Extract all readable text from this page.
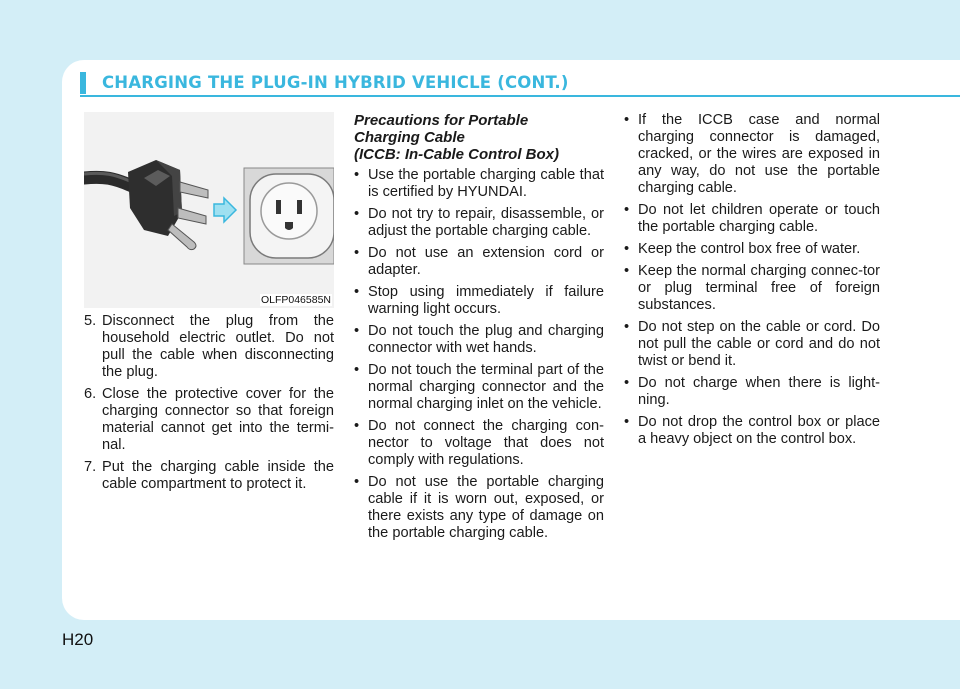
CHARGING THE PLUG-IN HYBRID VEHICLE (CONT.)
OLFP046585N
5. Disconnect the plug from the household electric outlet. Do not pull the cable when disconnecting the plug.
6. Close the protective cover for the charging connector so that foreign material cannot get into the termi-nal.
7. Put the charging cable inside the cable compartment to protect it.
Precautions for Portable
Charging Cable
(ICCB: In-Cable Control Box)
• Use the portable charging cable that is certified by HYUNDAI.
• Do not try to repair, disassemble, or adjust the portable charging cable.
• Do not use an extension cord or adapter.
• Stop using immediately if failure warning light occurs.
• Do not touch the plug and charging connector with wet hands.
• Do not touch the terminal part of the normal charging connector and the normal charging inlet on the vehicle.
• Do not connect the charging con-nector to voltage that does not comply with regulations.
• Do not use the portable charging cable if it is worn out, exposed, or there exists any type of damage on the portable charging cable.
• If the ICCB case and normal charging connector is damaged, cracked, or the wires are exposed in any way, do not use the portable charging cable.
• Do not let children operate or touch the portable charging cable.
• Keep the control box free of water.
• Keep the normal charging connec-tor or plug terminal free of foreign substances.
• Do not step on the cable or cord. Do not pull the cable or cord and do not twist or bend it.
• Do not charge when there is light-ning.
• Do not drop the control box or place a heavy object on the control box.
H20
